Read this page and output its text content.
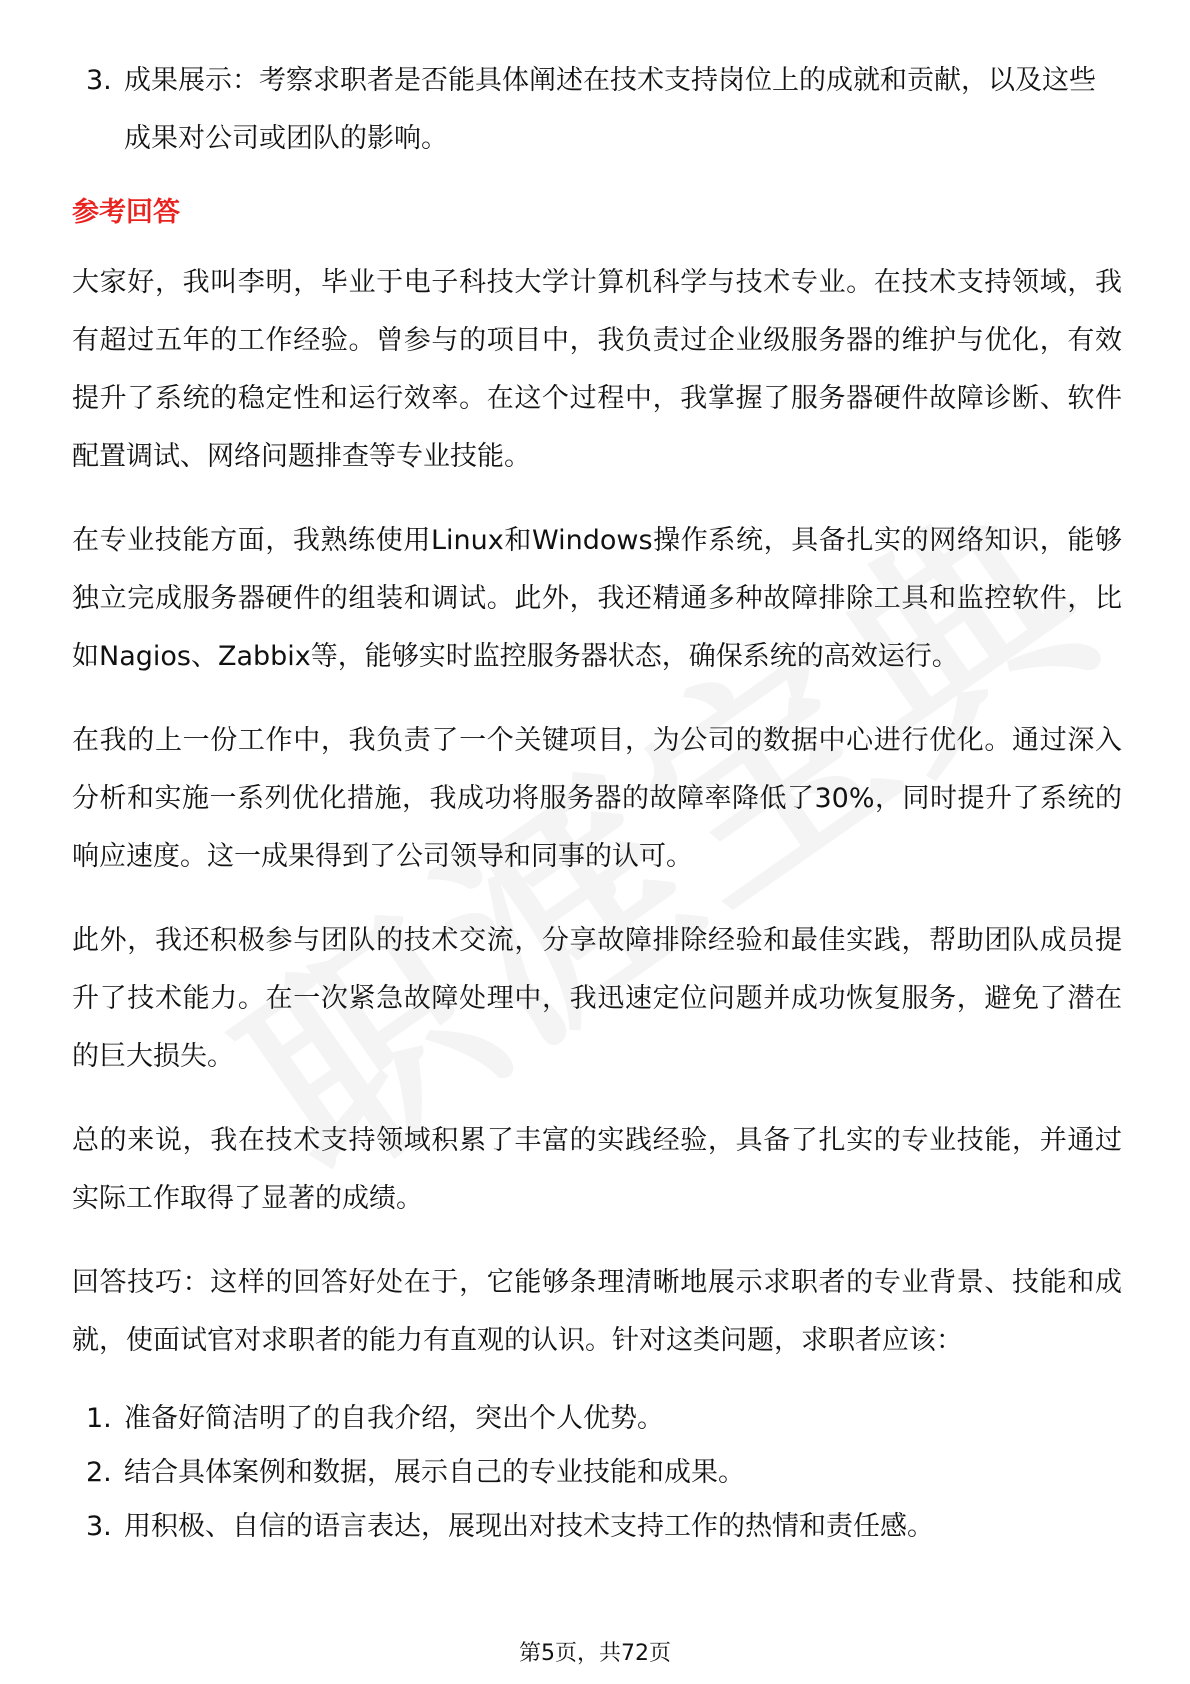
3. 成果展示：考察求职者是否能具体阐述在技术支持岗位上的成就和贡献，以及这些成果对公司或团队的影响。
参考回答

大家好，我叫李明，毕业于电子科技大学计算机科学与技术专业。在技术支持领域，我有超过五年的工作经验。曾参与的项目中，我负责过企业级服务器的维护与优化，有效提升了系统的稳定性和运行效率。在这个过程中，我掌握了服务器硬件故障诊断、软件配置调试、网络问题排查等专业技能。

在专业技能方面，我熟练使用Linux和Windows操作系统，具备扎实的网络知识，能够独立完成服务器硬件的组装和调试。此外，我还精通多种故障排除工具和监控软件，比如Nagios、Zabbix等，能够实时监控服务器状态，确保系统的高效运行。

在我的上一份工作中，我负责了一个关键项目，为公司的数据中心进行优化。通过深入分析和实施一系列优化措施，我成功将服务器的故障率降低了30%，同时提升了系统的响应速度。这一成果得到了公司领导和同事的认可。

此外，我还积极参与团队的技术交流，分享故障排除经验和最佳实践，帮助团队成员提升了技术能力。在一次紧急故障处理中，我迅速定位问题并成功恢复服务，避免了潜在的巨大损失。

总的来说，我在技术支持领域积累了丰富的实践经验，具备了扎实的专业技能，并通过实际工作取得了显著的成绩。

回答技巧：这样的回答好处在于，它能够条理清晰地展示求职者的专业背景、技能和成就，使面试官对求职者的能力有直观的认识。针对这类问题，求职者应该：

1. 准备好简洁明了的自我介绍，突出个人优势。
2. 结合具体案例和数据，展示自己的专业技能和成果。
3. 用积极、自信的语言表达，展现出对技术支持工作的热情和责任感。
第5页，共72页
